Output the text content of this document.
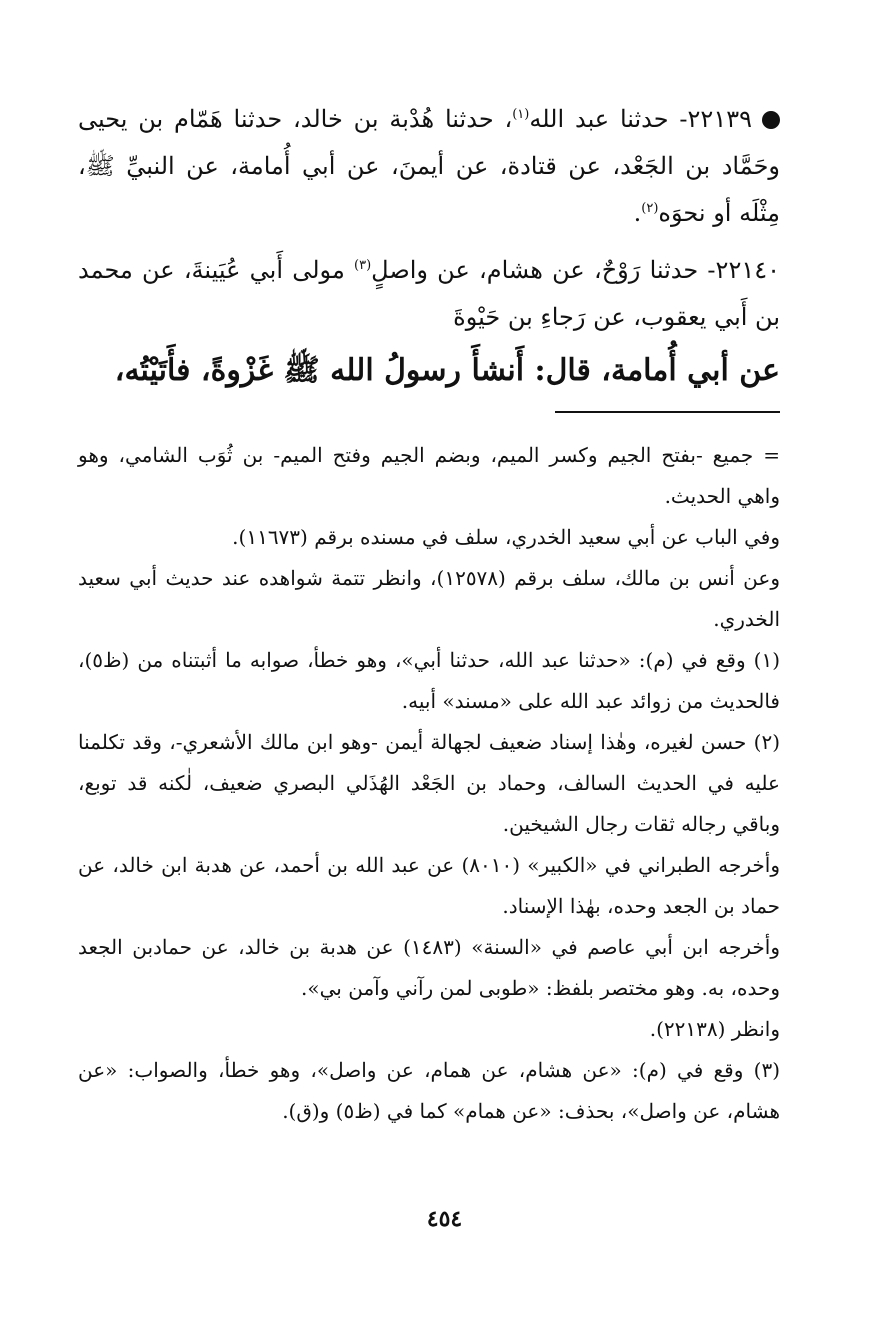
٢٢١٣٩- حدثنا عبد الله$^{(١)}$، حدثنا هُدْبة بن خالد، حدثنا هَمّام بن يحيى وحَمَّاد بن الجَعْد، عن قتادة، عن أيمنَ، عن أبي أُمامة، عن النبيِّ ﷺ، مِثْلَه أو نحوَه$^{(٢)}$.

٢٢١٤٠- حدثنا رَوْحٌ، عن هشام، عن واصلٍ$^{(٣)}$ مولى أَبي عُيَينةَ، عن محمد بن أَبي يعقوب، عن رَجاءِ بن حَيْوةَ

عن أبي أُمامة، قال: أَنشأَ رسولُ الله ﷺ غَزْوةً، فأَتَيْتُه،

= جميع -بفتح الجيم وكسر الميم، وبضم الجيم وفتح الميم- بن ثُوَب الشامي، وهو واهي الحديث.

وفي الباب عن أبي سعيد الخدري، سلف في مسنده برقم (١١٦٧٣).

وعن أنس بن مالك، سلف برقم (١٢٥٧٨)، وانظر تتمة شواهده عند حديث أبي سعيد الخدري.

(١) وقع في (م): «حدثنا عبد الله، حدثنا أبي»، وهو خطأ، صوابه ما أثبتناه من (ظ٥)، فالحديث من زوائد عبد الله على «مسند» أبيه.

(٢) حسن لغيره، وهٰذا إسناد ضعيف لجهالة أيمن -وهو ابن مالك الأشعري-، وقد تكلمنا عليه في الحديث السالف، وحماد بن الجَعْد الهُذَلي البصري ضعيف، لٰكنه قد توبع، وباقي رجاله ثقات رجال الشيخين.

وأخرجه الطبراني في «الكبير» (٨٠١٠) عن عبد الله بن أحمد، عن هدبة ابن خالد، عن حماد بن الجعد وحده، بهٰذا الإسناد.

وأخرجه ابن أبي عاصم في «السنة» (١٤٨٣) عن هدبة بن خالد، عن حمادبن الجعد وحده، به. وهو مختصر بلفظ: «طوبى لمن رآني وآمن بي».

وانظر (٢٢١٣٨).

(٣) وقع في (م): «عن هشام، عن همام، عن واصل»، وهو خطأ، والصواب: «عن هشام، عن واصل»، بحذف: «عن همام» كما في (ظ٥) و(ق).

٤٥٤
